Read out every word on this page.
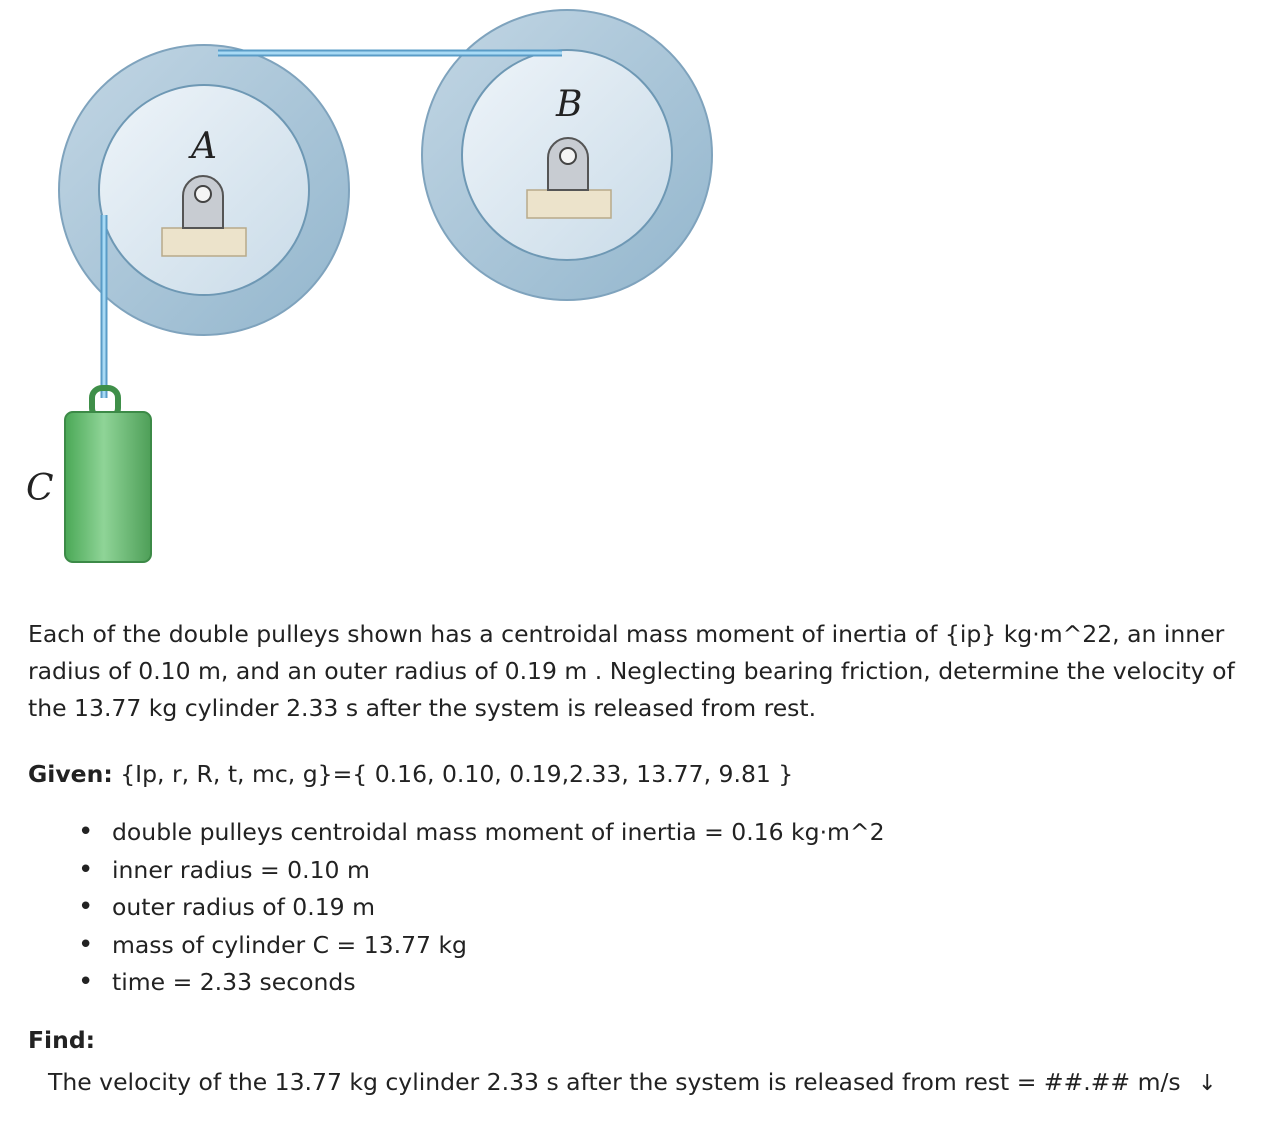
B
A
C
Each of the double pulleys shown has a centroidal mass moment of inertia of {ip} kg·m^22, an inner radius of 0.10 m, and an outer radius of 0.19 m . Neglecting bearing friction, determine the velocity of the 13.77 kg cylinder 2.33 s after the system is released from rest.
Given: {Ip, r, R, t, mc, g}={ 0.16, 0.10, 0.19,2.33, 13.77, 9.81 }
• double pulleys centroidal mass moment of inertia = 0.16 kg·m^2
• inner radius = 0.10 m
• outer radius of 0.19 m
• mass of cylinder C = 13.77 kg
• time = 2.33 seconds
Find:
The velocity of the 13.77 kg cylinder 2.33 s after the system is released from rest = ##.## m/s ↓
